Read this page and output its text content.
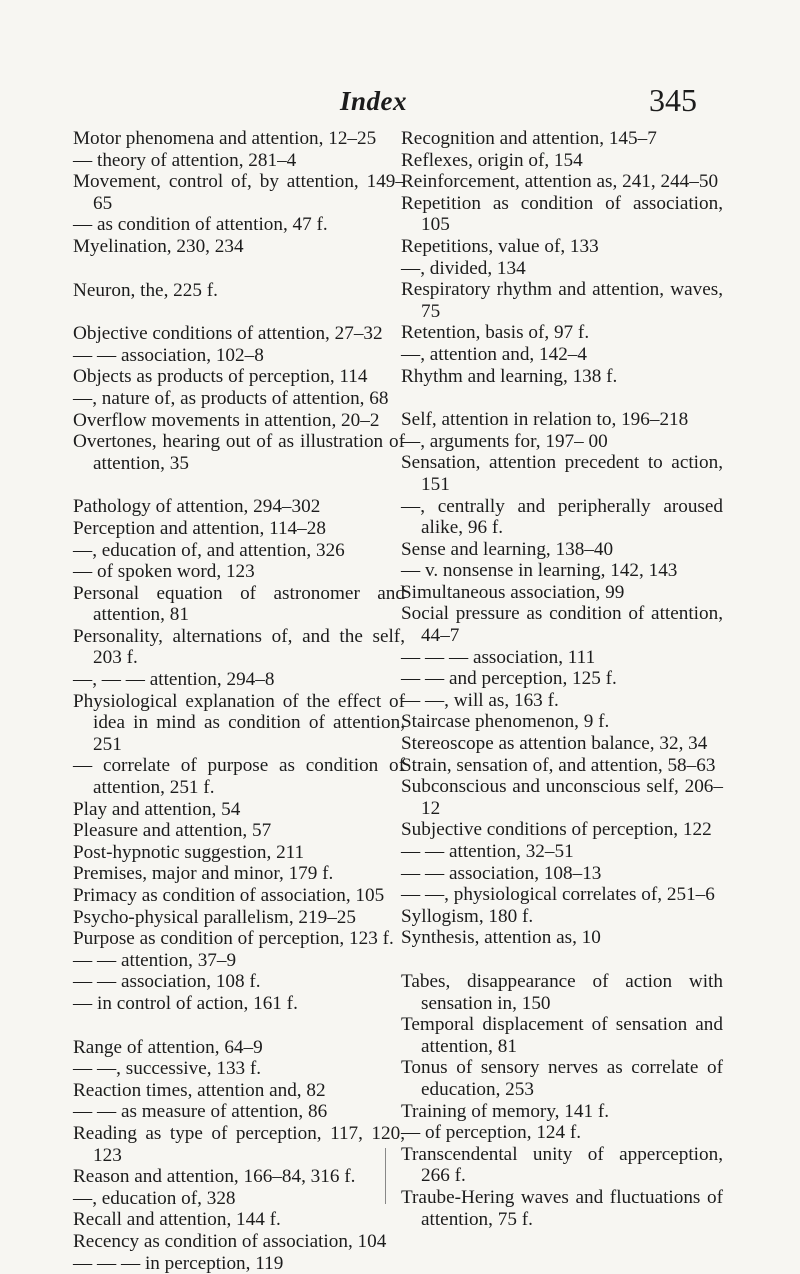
Index	345
Motor phenomena and attention, 12–25
— theory of attention, 281–4
Movement, control of, by attention, 149–65
— as condition of attention, 47 f.
Myelination, 230, 234
Neuron, the, 225 f.
Objective conditions of attention, 27–32
— — association, 102–8
Objects as products of perception, 114
—, nature of, as products of attention, 68
Overflow movements in attention, 20–2
Overtones, hearing out of as illustration of attention, 35
Pathology of attention, 294–302
Perception and attention, 114–28
—, education of, and attention, 326
— of spoken word, 123
Personal equation of astronomer and attention, 81
Personality, alternations of, and the self, 203 f.
—, — — attention, 294–8
Physiological explanation of the effect of idea in mind as condition of attention, 251
— correlate of purpose as condition of attention, 251 f.
Play and attention, 54
Pleasure and attention, 57
Post-hypnotic suggestion, 211
Premises, major and minor, 179 f.
Primacy as condition of association, 105
Psycho-physical parallelism, 219–25
Purpose as condition of perception, 123 f.
— — attention, 37–9
— — association, 108 f.
— in control of action, 161 f.
Range of attention, 64–9
— —, successive, 133 f.
Reaction times, attention and, 82
— — as measure of attention, 86
Reading as type of perception, 117, 120, 123
Reason and attention, 166–84, 316 f.
—, education of, 328
Recall and attention, 144 f.
Recency as condition of association, 104
— — — in perception, 119
Recognition and attention, 145–7
Reflexes, origin of, 154
Reinforcement, attention as, 241, 244–50
Repetition as condition of association, 105
Repetitions, value of, 133
—, divided, 134
Respiratory rhythm and attention, waves, 75
Retention, basis of, 97 f.
—, attention and, 142–4
Rhythm and learning, 138 f.
Self, attention in relation to, 196–218
—, arguments for, 197– 00
Sensation, attention precedent to action, 151
—, centrally and peripherally aroused alike, 96 f.
Sense and learning, 138–40
— v. nonsense in learning, 142, 143
Simultaneous association, 99
Social pressure as condition of attention, 44–7
— — — association, 111
— — and perception, 125 f.
— —, will as, 163 f.
Staircase phenomenon, 9 f.
Stereoscope as attention balance, 32, 34
Strain, sensation of, and attention, 58–63
Subconscious and unconscious self, 206–12
Subjective conditions of perception, 122
— — attention, 32–51
— — association, 108–13
— —, physiological correlates of, 251–6
Syllogism, 180 f.
Synthesis, attention as, 10
Tabes, disappearance of action with sensation in, 150
Temporal displacement of sensation and attention, 81
Tonus of sensory nerves as correlate of education, 253
Training of memory, 141 f.
— of perception, 124 f.
Transcendental unity of apperception, 266 f.
Traube-Hering waves and fluctuations of attention, 75 f.
